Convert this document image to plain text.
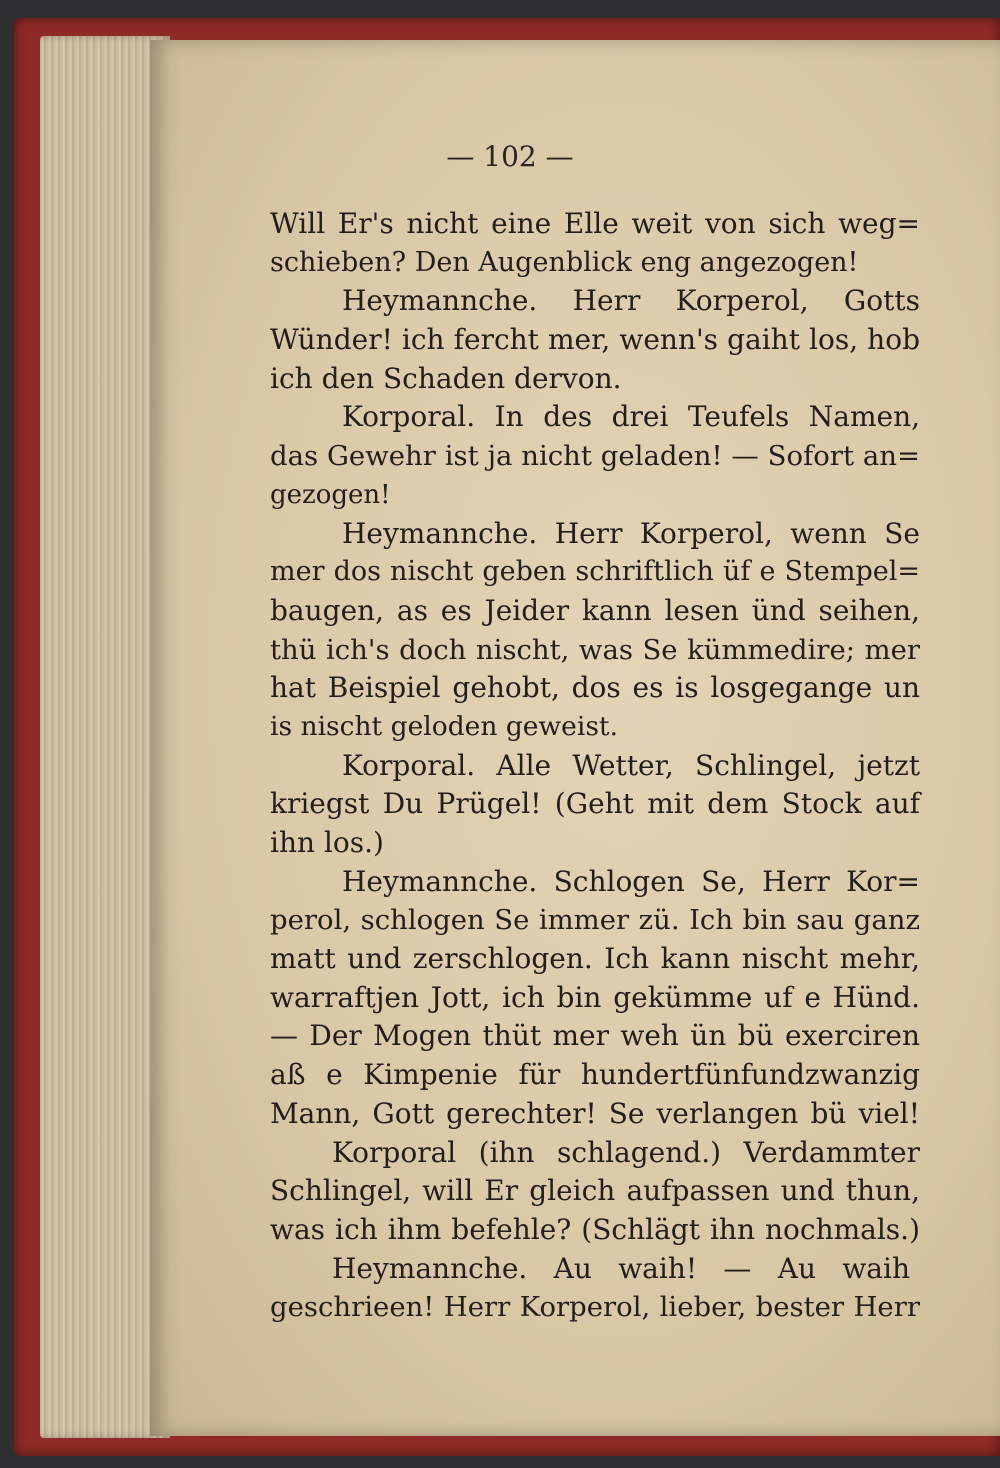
— 102 —
Will Er's nicht eine Elle weit von sich weg=
schieben? Den Augenblick eng angezogen!
Heymannche. Herr Korperol, Gotts
Wünder! ich fercht mer, wenn's gaiht los, hob
ich den Schaden dervon.
Korporal. In des drei Teufels Namen,
das Gewehr ist ja nicht geladen! — Sofort an=
gezogen!
Heymannche. Herr Korperol, wenn Se
mer dos nischt geben schriftlich üf e Stempel=
baugen, as es Jeider kann lesen ünd seihen,
thü ich's doch nischt, was Se kümmedire; mer
hat Beispiel gehobt, dos es is losgegange un
is nischt geloden geweist.
Korporal. Alle Wetter, Schlingel, jetzt
kriegst Du Prügel! (Geht mit dem Stock auf
ihn los.)
Heymannche. Schlogen Se, Herr Kor=
perol, schlogen Se immer zü. Ich bin sau ganz
matt und zerschlogen. Ich kann nischt mehr,
warraftjen Jott, ich bin gekümme uf e Hünd.
— Der Mogen thüt mer weh ün bü exerciren
aß e Kimpenie für hundertfünfundzwanzig
Mann, Gott gerechter! Se verlangen bü viel!
Korporal (ihn schlagend.) Verdammter
Schlingel, will Er gleich aufpassen und thun,
was ich ihm befehle? (Schlägt ihn nochmals.)
Heymannche. Au waih! — Au waih
geschrieen! Herr Korperol, lieber, bester Herr
